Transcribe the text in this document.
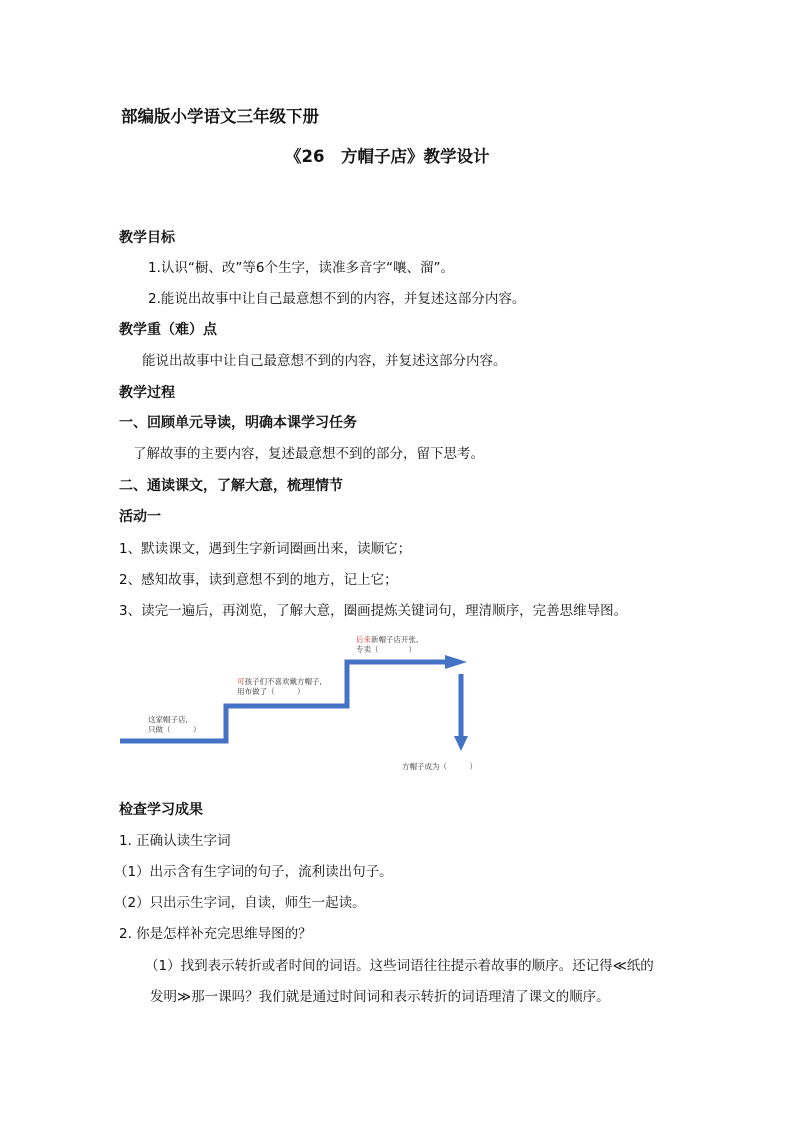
部编版小学语文三年级下册
《26　方帽子店》教学设计
教学目标
1.认识“橱、改”等6个生字，读准多音字“嚷、溜”。
2.能说出故事中让自己最意想不到的内容，并复述这部分内容。
教学重（难）点
能说出故事中让自己最意想不到的内容，并复述这部分内容。
教学过程
一、回顾单元导读，明确本课学习任务
了解故事的主要内容，复述最意想不到的部分，留下思考。
二、通读课文，了解大意，梳理情节
活动一
1、默读课文，遇到生字新词圈画出来，读顺它；
2、感知故事，读到意想不到的地方，记上它；
3、读完一遍后，再浏览，了解大意，圈画提炼关键词句，理清顺序，完善思维导图。
这家帽子店,
只做（　　　）
可孩子们不喜欢戴方帽子,
用布做了（　　　）
后来新帽子店开张,
专卖（　　　　）
方帽子成为（　　　）
检查学习成果
1. 正确认读生字词
（1）出示含有生字词的句子，流利读出句子。
（2）只出示生字词，自读，师生一起读。
2. 你是怎样补充完思维导图的？
（1）找到表示转折或者时间的词语。这些词语往往提示着故事的顺序。还记得≪纸的
发明≫那一课吗？我们就是通过时间词和表示转折的词语理清了课文的顺序。
